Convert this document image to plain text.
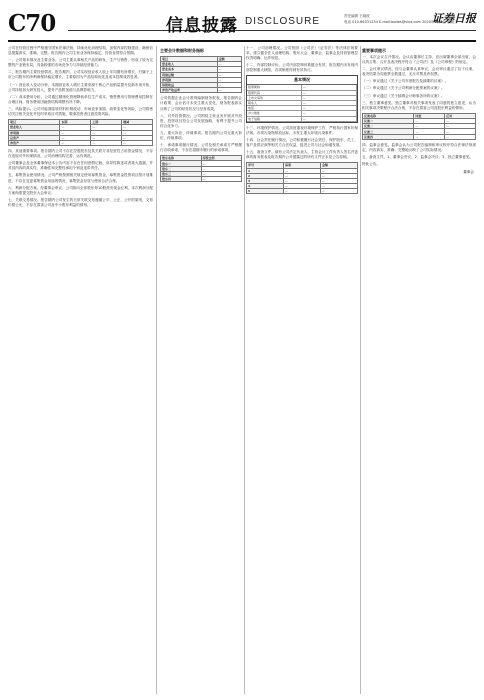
C70	信息披露 DISCLOSURE	责任编辑 王晓波
电话 010-66331234 E-mail:bodes@sina.com 2020年7月8日 星期三
证券日报

公司在经营过程中严格遵守国家法律法规，持续优化治理结构，加强内部控制建设，确保信息披露真实、准确、完整。报告期内公司主营业务保持稳定，经营业绩符合预期。

一、公司基本情况及主要业务。公司主要从事相关产品的研发、生产与销售，形成了较为完整的产业链布局，具备较强的市场竞争力与持续经营能力。

二、报告期内主要经营情况。报告期内，公司实现营业收入较上年同期有所增长，归属于上市公司股东的净利润保持稳定增长，主要原因为产品结构优化及成本控制成效显著。

（一）营业收入变动分析。本期营业收入增长主要来源于核心产品销量提升及新市场开拓，公司持续加大研发投入，提升产品附加值与品牌影响力。

（二）成本费用分析。公司通过精细化管理降低单位生产成本，销售费用与管理费用控制在合理区间，财务费用因融资结构调整有所下降。

三、风险提示。公司可能面临原材料价格波动、市场竞争加剧、政策变化等风险，公司将密切关注相关变化并及时采取应对措施，敬请投资者注意投资风险。

项目	本期	上期	增减
营业收入	—	—	—
净利润	—	—	—
总资产	—	—	—
净资产	—	—	—

四、其他重要事项。报告期内公司不存在控股股东及其关联方非经营性占用资金情况，不存在违规对外担保情况，公司治理结构完善，运作规范。

公司董事会及全体董事保证本公告内容不存在任何虚假记载、误导性陈述或者重大遗漏，并对其内容的真实性、准确性和完整性承担个别及连带责任。

五、募集资金使用情况。公司严格按照相关规定使用募集资金，募集资金投资项目按计划推进，不存在变更募集资金用途的情况，募集资金存放与使用合法合规。

六、利润分配方案。经董事会审议，公司拟向全体股东每10股派发现金红利，本次利润分配方案尚需提交股东大会审议。

七、关联交易情况。报告期内公司发生的日常关联交易遵循公平、公正、公开的原则，交易价格公允，不存在损害公司及中小股东利益的情形。

主要会计数据和财务指标
项目	金额
营业收入	—
营业成本	—
利润总额	—
净利润	—
每股收益	—
净资产收益率	—

公司依据企业会计准则编制财务报表，报告期内会计政策、会计估计未发生重大变化，财务报表如实反映了公司的财务状况与经营成果。

八、对外投资情况。公司围绕主营业务开展对外投资，投资项目符合公司发展战略，有利于提升公司综合竞争力。

九、重大诉讼、仲裁事项。报告期内公司无重大诉讼、仲裁事项。

十、承诺事项履行情况。公司及相关承诺方严格履行各项承诺，不存在超期未履行的承诺事项。

股东名称	持股比例
股东一	—
股东二	—
股东三	—
股东四	—

十一、公司治理情况。公司按照《公司法》《证券法》等法律法规要求，建立健全法人治理结构，股东大会、董事会、监事会及经营管理层权责明确、运作规范。

十二、内部控制评价。公司内部控制体系健全有效，报告期内未发现内部控制重大缺陷，各项制度得到有效执行。

基本情况
股票简称	—
股票代码	—
上市交易所	—
联系人	—
电话	—
办公地址	—
电子信箱	—

十三、环境保护情况。公司高度重视环境保护工作，严格执行国家环保法规，各项污染物排放达标，未发生重大环境污染事件。

十四、社会责任履行情况。公司积极履行社会责任，保护股东、员工、客户及供应商等相关方合法权益，促进公司与社会和谐发展。

十五、备查文件。载有公司法定代表人、主管会计工作负责人签名并盖章的财务报表及报告期内公开披露过的所有文件正本及公告原稿。

序号	事项	金额
1	—	—
2	—	—
3	—	—
4	—	—
5	—	—
重要事项提示

一、本次会议召开情况。会议由董事长主持，应出席董事全部出席，会议的召集、召开及表决程序符合《公司法》及《公司章程》的规定。

二、会议审议情况。经与会董事认真审议，会议审议通过了以下议案，表决结果为同意票全数通过，无反对票及弃权票。

（一）审议通过《关于公司年度报告及摘要的议案》。

（二）审议通过《关于公司利润分配预案的议案》。

（三）审议通过《关于续聘会计师事务所的议案》。

三、独立董事意见。独立董事对相关事项发表了同意的独立意见，认为相关事项决策程序合法合规，不存在损害公司及股东利益的情形。

议案名称	同意	反对
议案一	—	—
议案二	—	—
议案三	—	—
议案四	—	—

四、监事会意见。监事会认为公司报告编制和审议程序符合法律法规规定，内容真实、准确、完整地反映了公司实际情况。

五、备查文件。1、董事会决议；2、监事会决议；3、独立董事意见。

特此公告。

董事会
